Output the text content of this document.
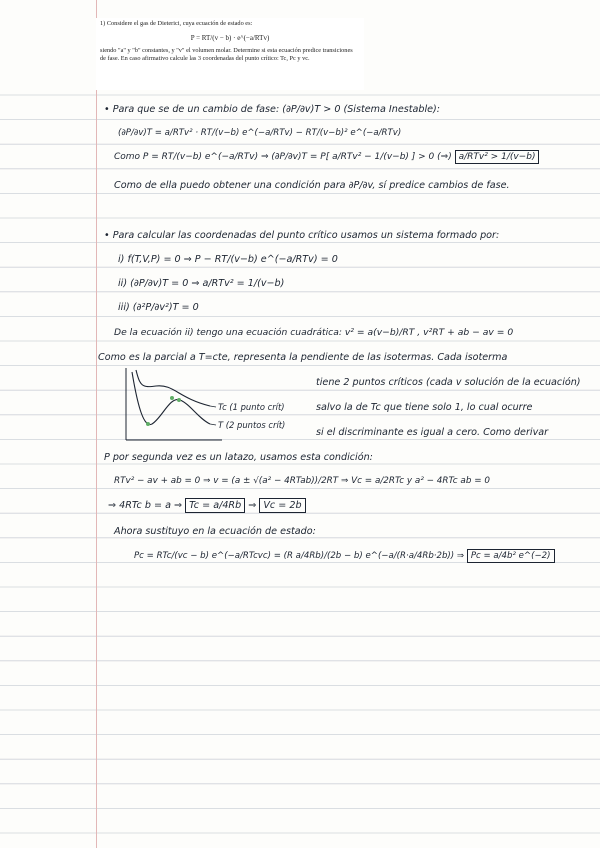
1) Considere el gas de Dieterici, cuya ecuación de estado es:
P = RT/(v − b) · e^(−a/RTv)
siendo "a" y "b" constantes, y "v" el volumen molar. Determine si esta ecuación predice transiciones de fase. En caso afirmativo calcule las 3 coordenadas del punto crítico: Tc, Pc y vc.
• Para que se de un cambio de fase: (∂P/∂v)T > 0 (Sistema Inestable):
(∂P/∂v)T = a/RTv² · RT/(v−b) e^(−a/RTv) − RT/(v−b)² e^(−a/RTv)
Como P = RT/(v−b) e^(−a/RTv) ⇒ (∂P/∂v)T = P[ a/RTv² − 1/(v−b) ] > 0 (⇒) a/RTv² > 1/(v−b)
Como de ella puedo obtener una condición para ∂P/∂v, sí predice cambios de fase.
• Para calcular las coordenadas del punto crítico usamos un sistema formado por:
i) f(T,V,P) = 0 ⇒ P − RT/(v−b) e^(−a/RTv) = 0
ii) (∂P/∂v)T = 0 ⇒ a/RTv² = 1/(v−b)
iii) (∂²P/∂v²)T = 0
De la ecuación ii) tengo una ecuación cuadrática: v² = a(v−b)/RT , v²RT + ab − av = 0
Como es la parcial a T=cte, representa la pendiente de las isotermas. Cada isoterma
Tc (1 punto crít)
T (2 puntos crít)
tiene 2 puntos críticos (cada v solución de la ecuación)
salvo la de Tc que tiene solo 1, lo cual ocurre
si el discriminante es igual a cero. Como derivar
P por segunda vez es un latazo, usamos esta condición:
RTv² − av + ab = 0 ⇒ v = (a ± √(a² − 4RTab))/2RT ⇒ Vc = a/2RTc y a² − 4RTc ab = 0
⇒ 4RTc b = a ⇒ Tc = a/4Rb ⇒ Vc = 2b
Ahora sustituyo en la ecuación de estado:
Pc = RTc/(vc − b) e^(−a/RTcvc) = (R a/4Rb)/(2b − b) e^(−a/(R·a/4Rb·2b)) ⇒ Pc = a/4b² e^(−2)
